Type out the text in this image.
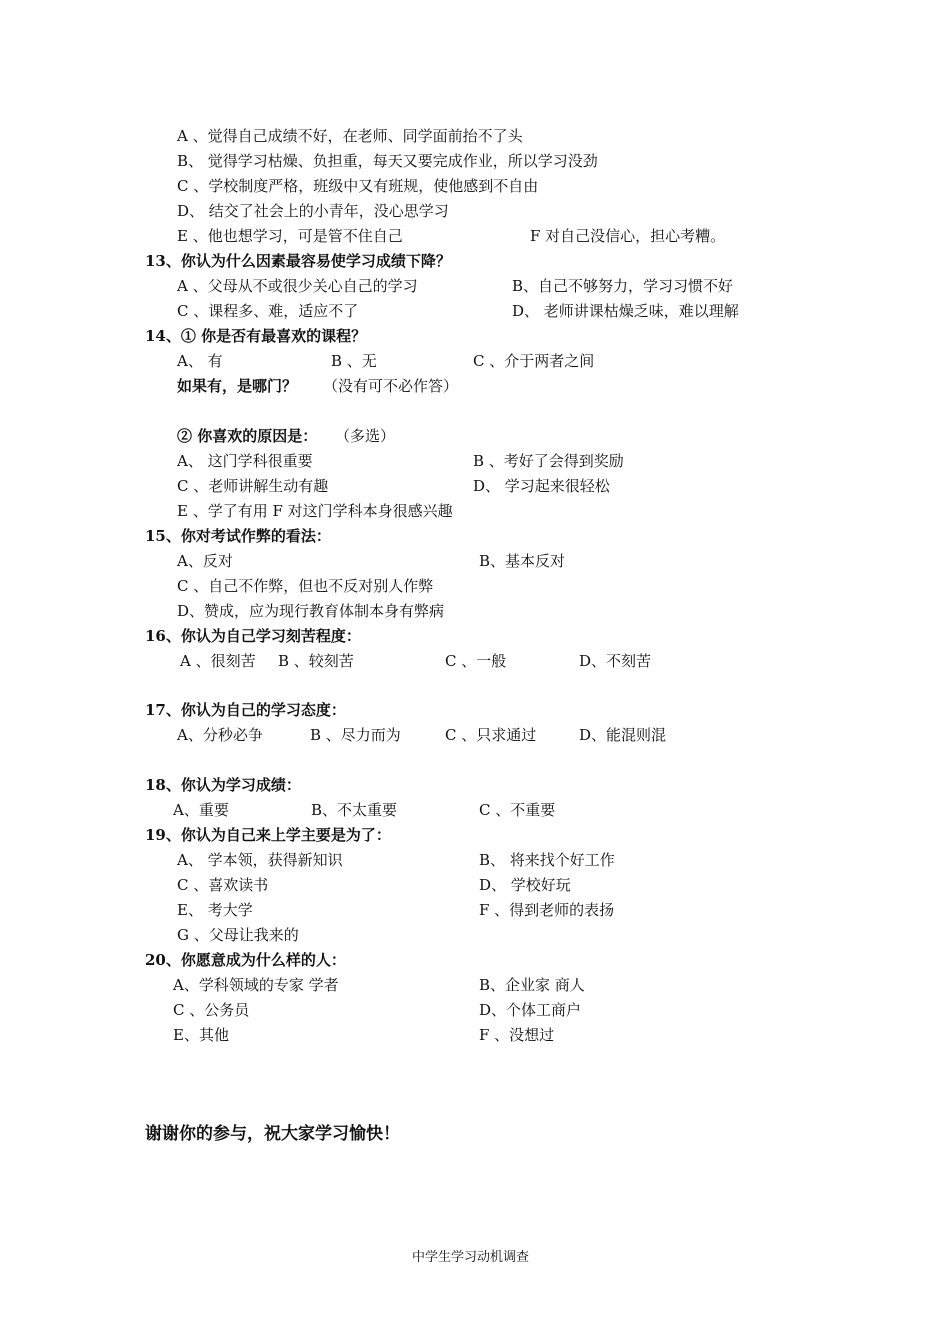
A 、觉得自己成绩不好，在老师、同学面前抬不了头
B、 觉得学习枯燥、负担重，每天又要完成作业，所以学习没劲
C 、学校制度严格，班级中又有班规，使他感到不自由
D、 结交了社会上的小青年，没心思学习
E 、他也想学习，可是管不住自己	F 对自己没信心，担心考糟。
13、你认为什么因素最容易使学习成绩下降？
A 、父母从不或很少关心自己的学习	B、自己不够努力，学习习惯不好
C 、课程多、难，适应不了	D、 老师讲课枯燥乏味，难以理解
14、① 你是否有最喜欢的课程？
A、 有	B 、无	C 、介于两者之间
如果有，是哪门？ （没有可不必作答）
② 你喜欢的原因是： （多选）
A、 这门学科很重要	B 、考好了会得到奖励
C 、老师讲解生动有趣	D、 学习起来很轻松
E 、学了有用 F 对这门学科本身很感兴趣
15、你对考试作弊的看法：
A、反对	B、基本反对
C 、自己不作弊，但也不反对别人作弊
D、赞成，应为现行教育体制本身有弊病
16、你认为自己学习刻苦程度：
A 、很刻苦 B 、较刻苦	C 、一般	D、不刻苦
17、你认为自己的学习态度：
A、分秒必争	B 、尽力而为	C 、只求通过	D、能混则混
18、你认为学习成绩：
A、重要	B、不太重要	C 、不重要
19、你认为自己来上学主要是为了：
A、 学本领，获得新知识	B、 将来找个好工作
C 、喜欢读书	D、 学校好玩
E、 考大学	F 、得到老师的表扬
G 、父母让我来的
20、你愿意成为什么样的人：
A、学科领域的专家 学者	B、企业家 商人
C 、公务员	D、个体工商户
E、其他	F 、没想过
谢谢你的参与，祝大家学习愉快！
中学生学习动机调查
